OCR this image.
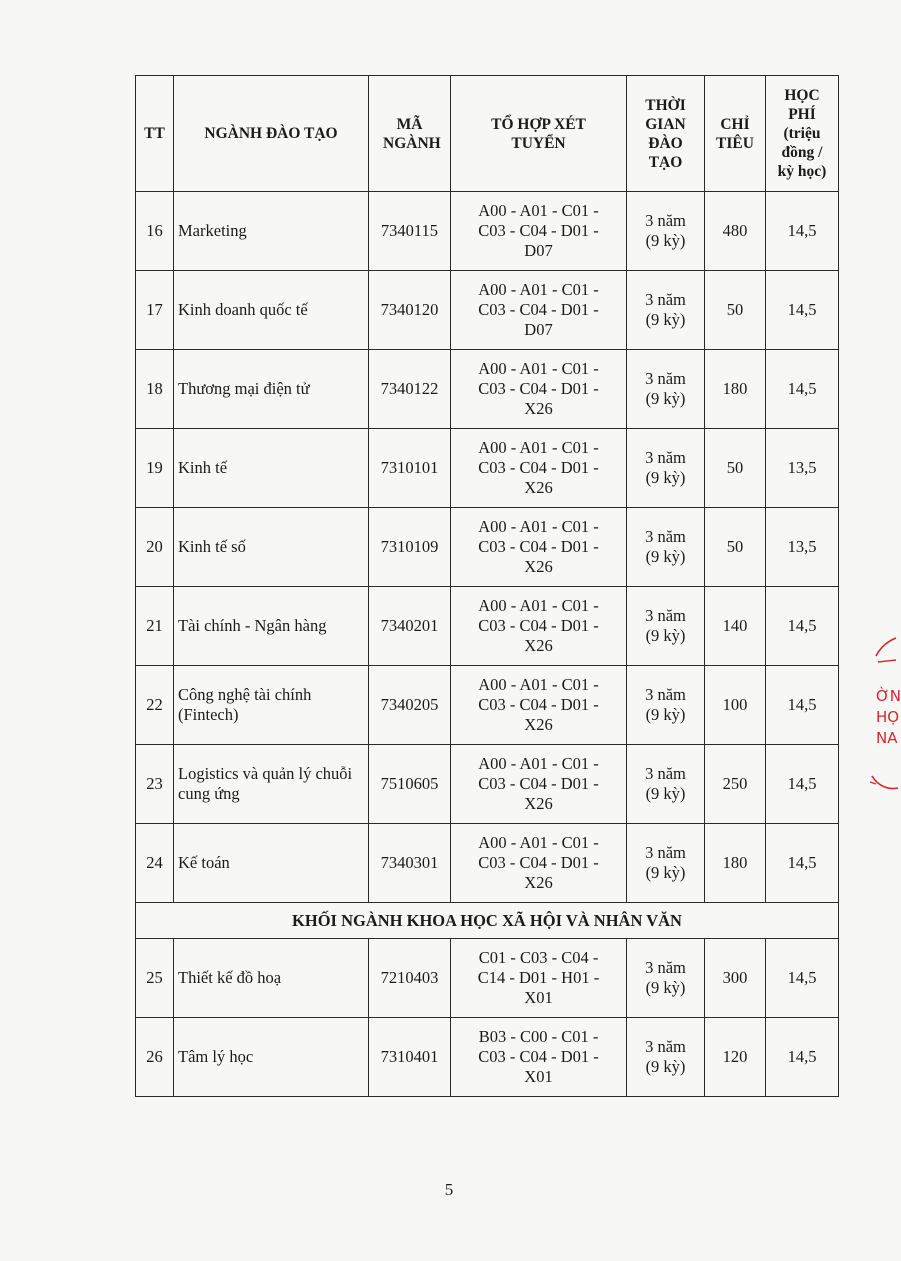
TT	NGÀNH ĐÀO TẠO	MÃ NGÀNH	TỔ HỢP XÉT TUYỂN	THỜI GIAN ĐÀO TẠO	CHỈ TIÊU	HỌC PHÍ (triệu đồng / kỳ học)
16	Marketing	7340115	A00 - A01 - C01 - C03 - C04 - D01 - D07	3 năm (9 kỳ)	480	14,5
17	Kinh doanh quốc tế	7340120	A00 - A01 - C01 - C03 - C04 - D01 - D07	3 năm (9 kỳ)	50	14,5
18	Thương mại điện tử	7340122	A00 - A01 - C01 - C03 - C04 - D01 - X26	3 năm (9 kỳ)	180	14,5
19	Kinh tế	7310101	A00 - A01 - C01 - C03 - C04 - D01 - X26	3 năm (9 kỳ)	50	13,5
20	Kinh tế số	7310109	A00 - A01 - C01 - C03 - C04 - D01 - X26	3 năm (9 kỳ)	50	13,5
21	Tài chính - Ngân hàng	7340201	A00 - A01 - C01 - C03 - C04 - D01 - X26	3 năm (9 kỳ)	140	14,5
22	Công nghệ tài chính (Fintech)	7340205	A00 - A01 - C01 - C03 - C04 - D01 - X26	3 năm (9 kỳ)	100	14,5
23	Logistics và quản lý chuỗi cung ứng	7510605	A00 - A01 - C01 - C03 - C04 - D01 - X26	3 năm (9 kỳ)	250	14,5
24	Kế toán	7340301	A00 - A01 - C01 - C03 - C04 - D01 - X26	3 năm (9 kỳ)	180	14,5
KHỐI NGÀNH KHOA HỌC XÃ HỘI VÀ NHÂN VĂN						
25	Thiết kế đồ hoạ	7210403	C01 - C03 - C04 - C14 - D01 - H01 - X01	3 năm (9 kỳ)	300	14,5
26	Tâm lý học	7310401	B03 - C00 - C01 - C03 - C04 - D01 - X01	3 năm (9 kỳ)	120	14,5
ỜN
HỌ
NA
5
